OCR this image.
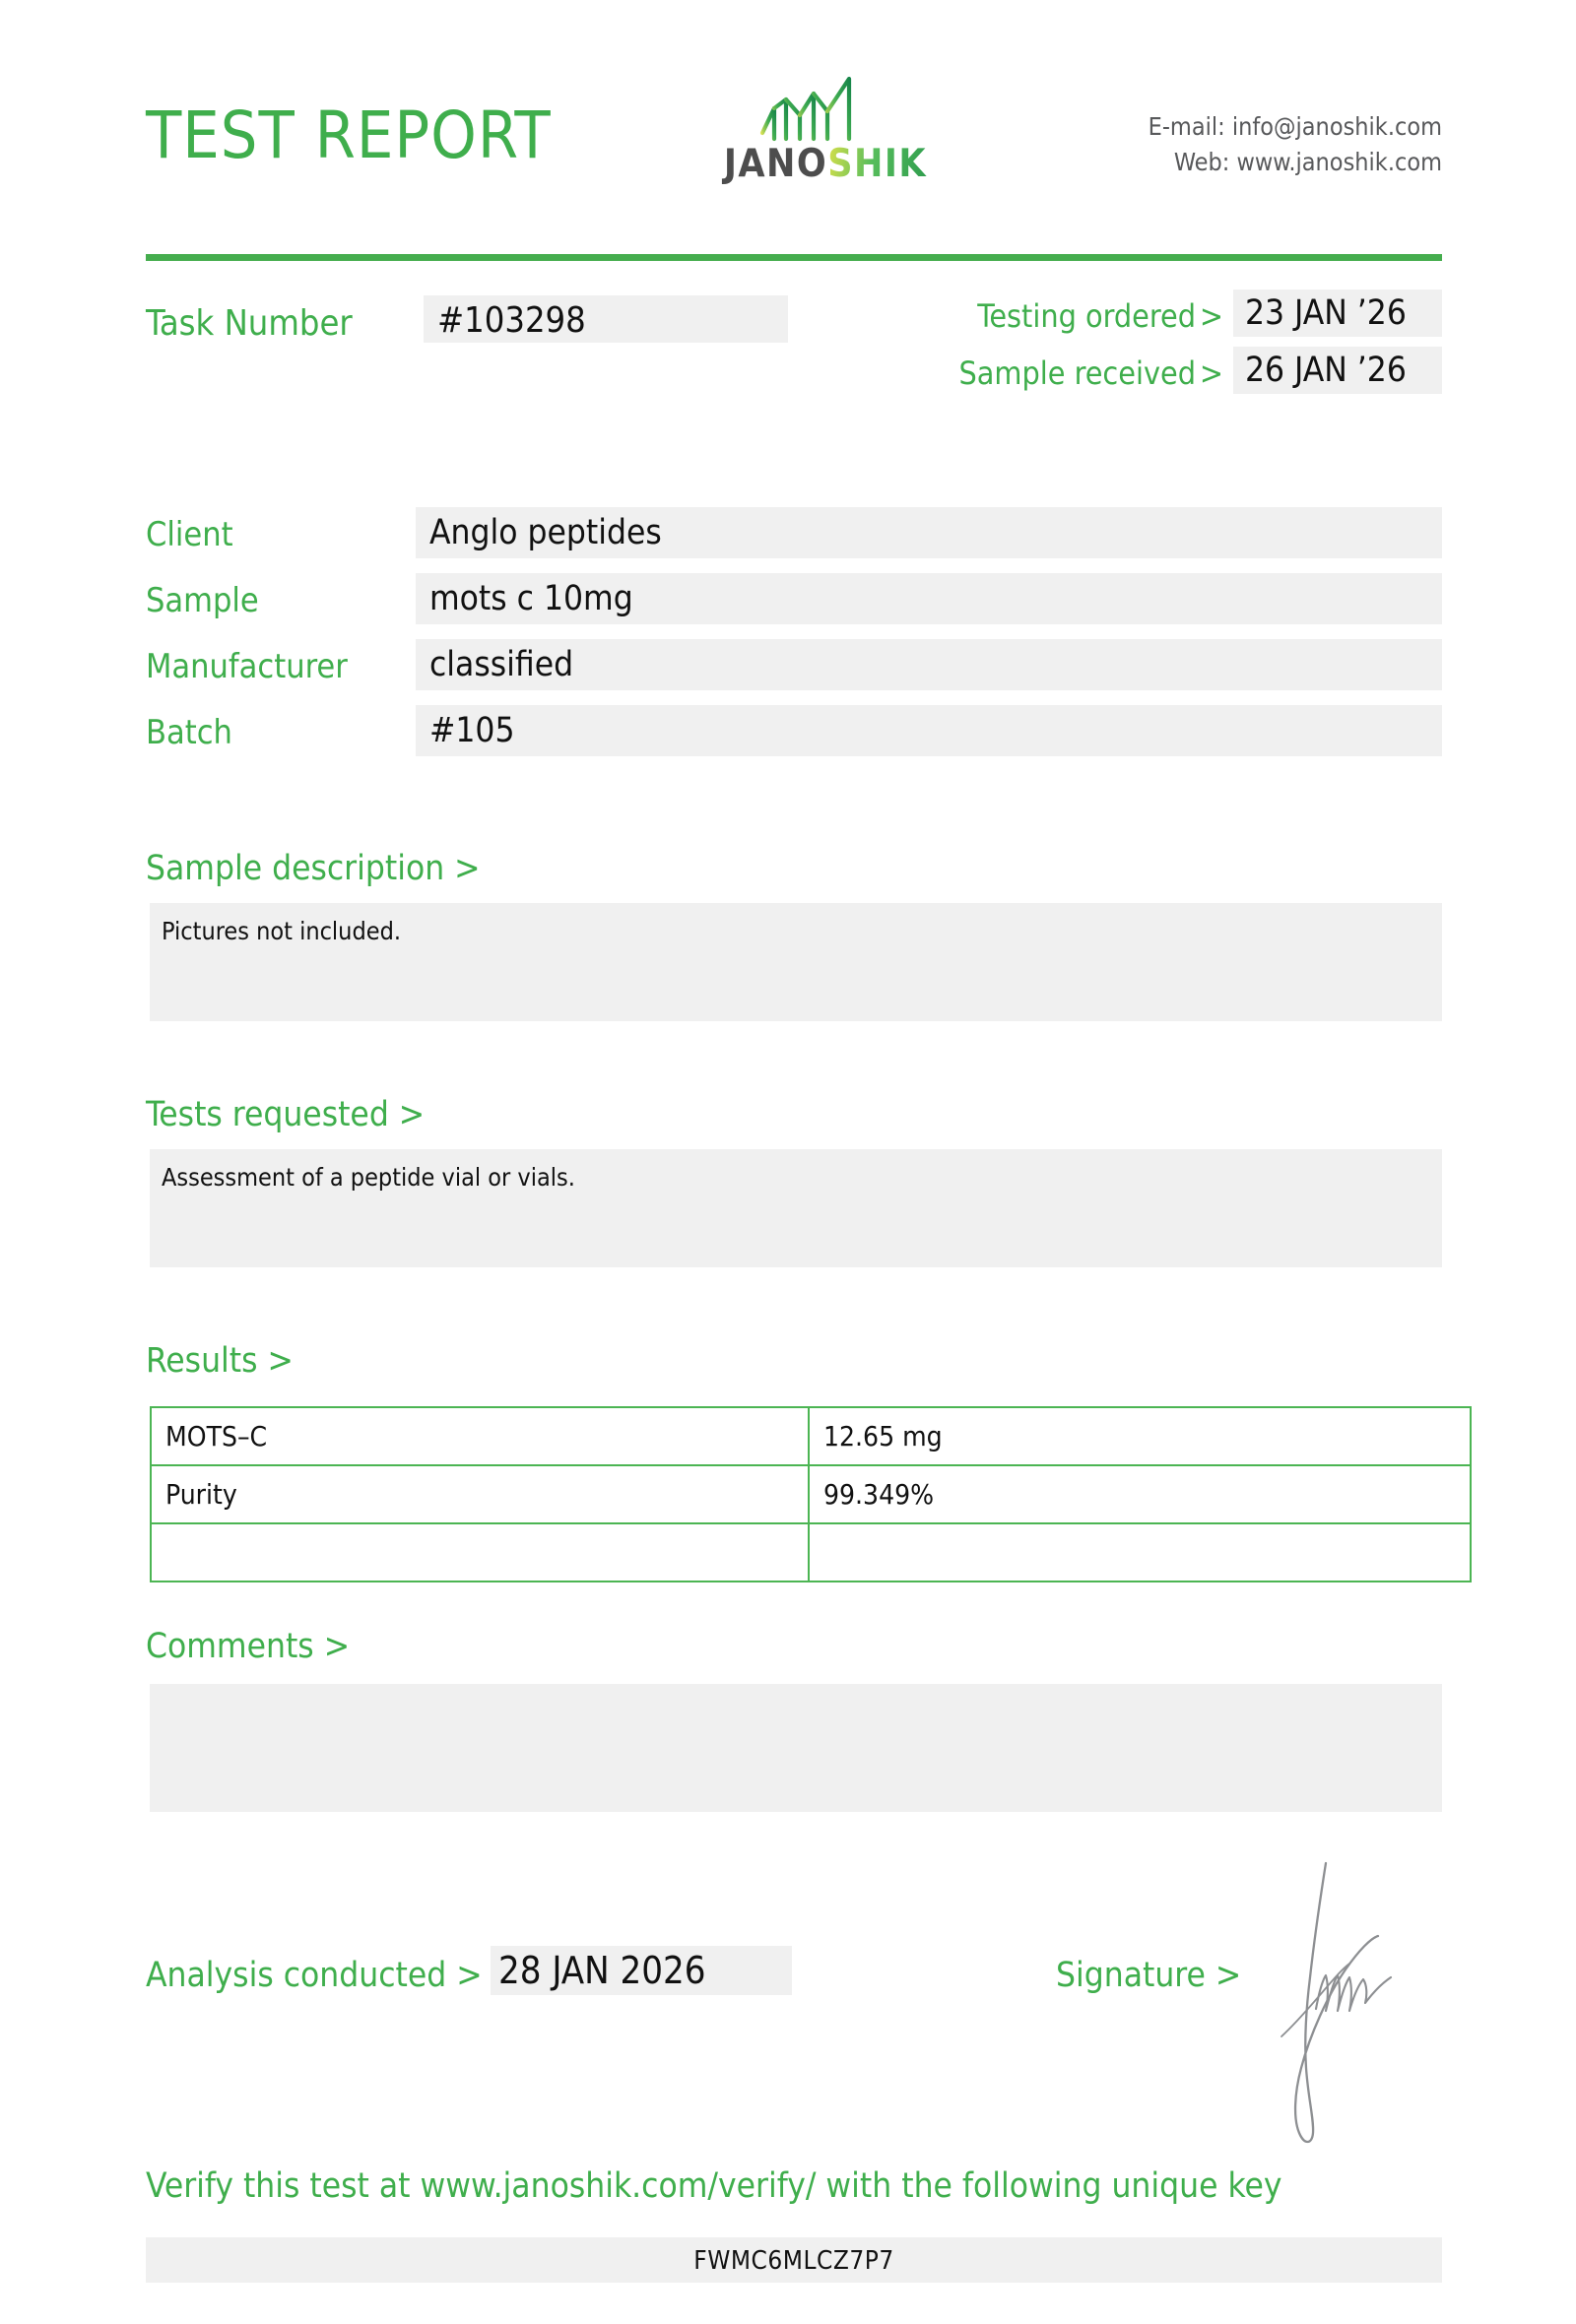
TEST REPORT	JANOSHIK
E-mail: info@janoshik.com
Web: www.janoshik.com
Task Number	#103298	Testing ordered > 23 JAN ’26
Sample received > 26 JAN ’26
Client	Anglo peptides
Sample	mots c 10mg
Manufacturer	classified
Batch	#105
Sample description >
Pictures not included.
Tests requested >
Assessment of a peptide vial or vials.
Results >
MOTS–C	12.65 mg
Purity	99.349%

Comments >
Analysis conducted > 28 JAN 2026	Signature >
Verify this test at www.janoshik.com/verify/ with the following unique key
FWMC6MLCZ7P7
